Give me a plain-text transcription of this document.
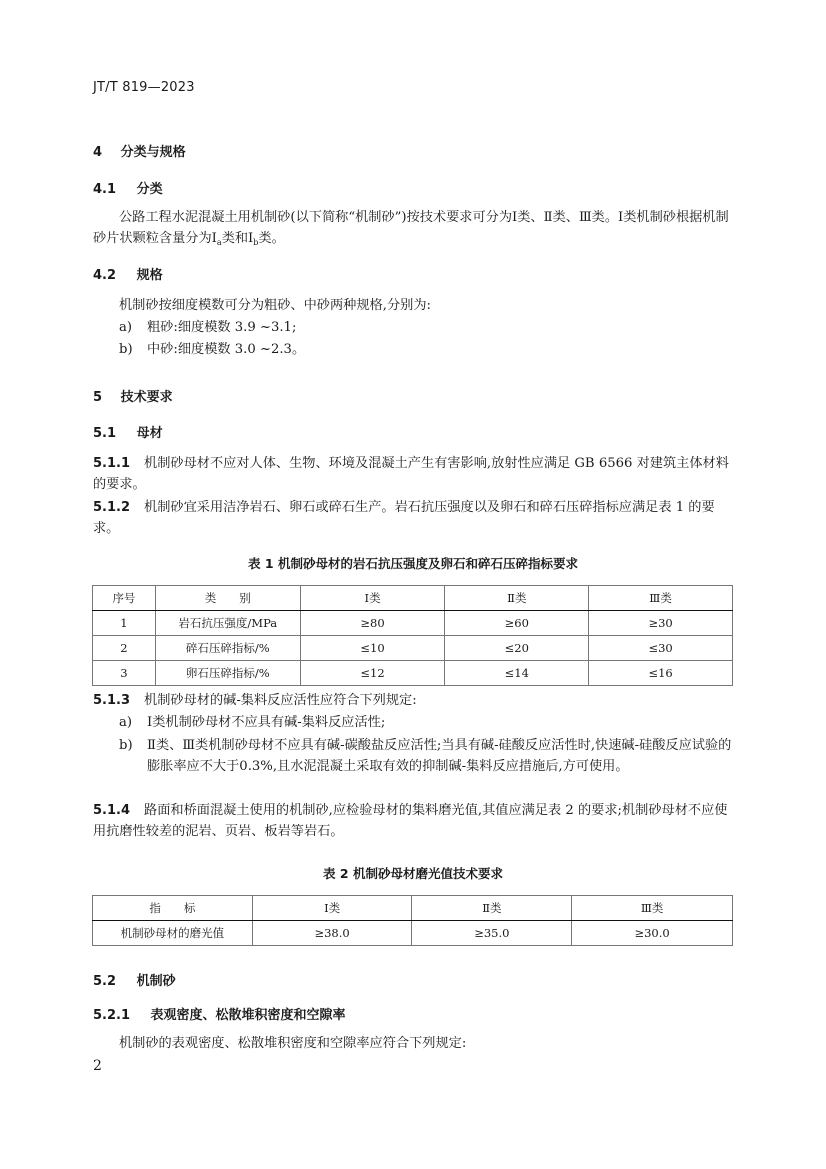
JT/T 819—2023
4 分类与规格
4.1 分类
公路工程水泥混凝土用机制砂(以下简称“机制砂”)按技术要求可分为Ⅰ类、Ⅱ类、Ⅲ类。Ⅰ类机制砂根据机制砂片状颗粒含量分为$Ⅰ_a$类和$Ⅰ_b$类。
4.2 规格
机制砂按细度模数可分为粗砂、中砂两种规格,分别为:
a) 粗砂:细度模数 3.9 ~3.1;
b) 中砂:细度模数 3.0 ~2.3。
5 技术要求
5.1 母材
5.1.1 机制砂母材不应对人体、生物、环境及混凝土产生有害影响,放射性应满足 GB 6566 对建筑主体材料的要求。
5.1.2 机制砂宜采用洁净岩石、卵石或碎石生产。岩石抗压强度以及卵石和碎石压碎指标应满足表 1 的要求。
表 1 机制砂母材的岩石抗压强度及卵石和碎石压碎指标要求
序号	类　　别	Ⅰ类	Ⅱ类	Ⅲ类
1	岩石抗压强度/MPa	≥80	≥60	≥30
2	碎石压碎指标/%	≤10	≤20	≤30
3	卵石压碎指标/%	≤12	≤14	≤16
5.1.3 机制砂母材的碱-集料反应活性应符合下列规定:
a) Ⅰ类机制砂母材不应具有碱-集料反应活性;
b)	Ⅱ类、Ⅲ类机制砂母材不应具有碱-碳酸盐反应活性;当具有碱-硅酸反应活性时,快速碱-硅酸反应试验的膨胀率应不大于0.3%,且水泥混凝土采取有效的抑制碱-集料反应措施后,方可使用。
5.1.4 路面和桥面混凝土使用的机制砂,应检验母材的集料磨光值,其值应满足表 2 的要求;机制砂母材不应使用抗磨性较差的泥岩、页岩、板岩等岩石。
表 2 机制砂母材磨光值技术要求
指　　标	Ⅰ类	Ⅱ类	Ⅲ类
机制砂母材的磨光值	≥38.0	≥35.0	≥30.0
5.2 机制砂
5.2.1 表观密度、松散堆积密度和空隙率
机制砂的表观密度、松散堆积密度和空隙率应符合下列规定:
2
